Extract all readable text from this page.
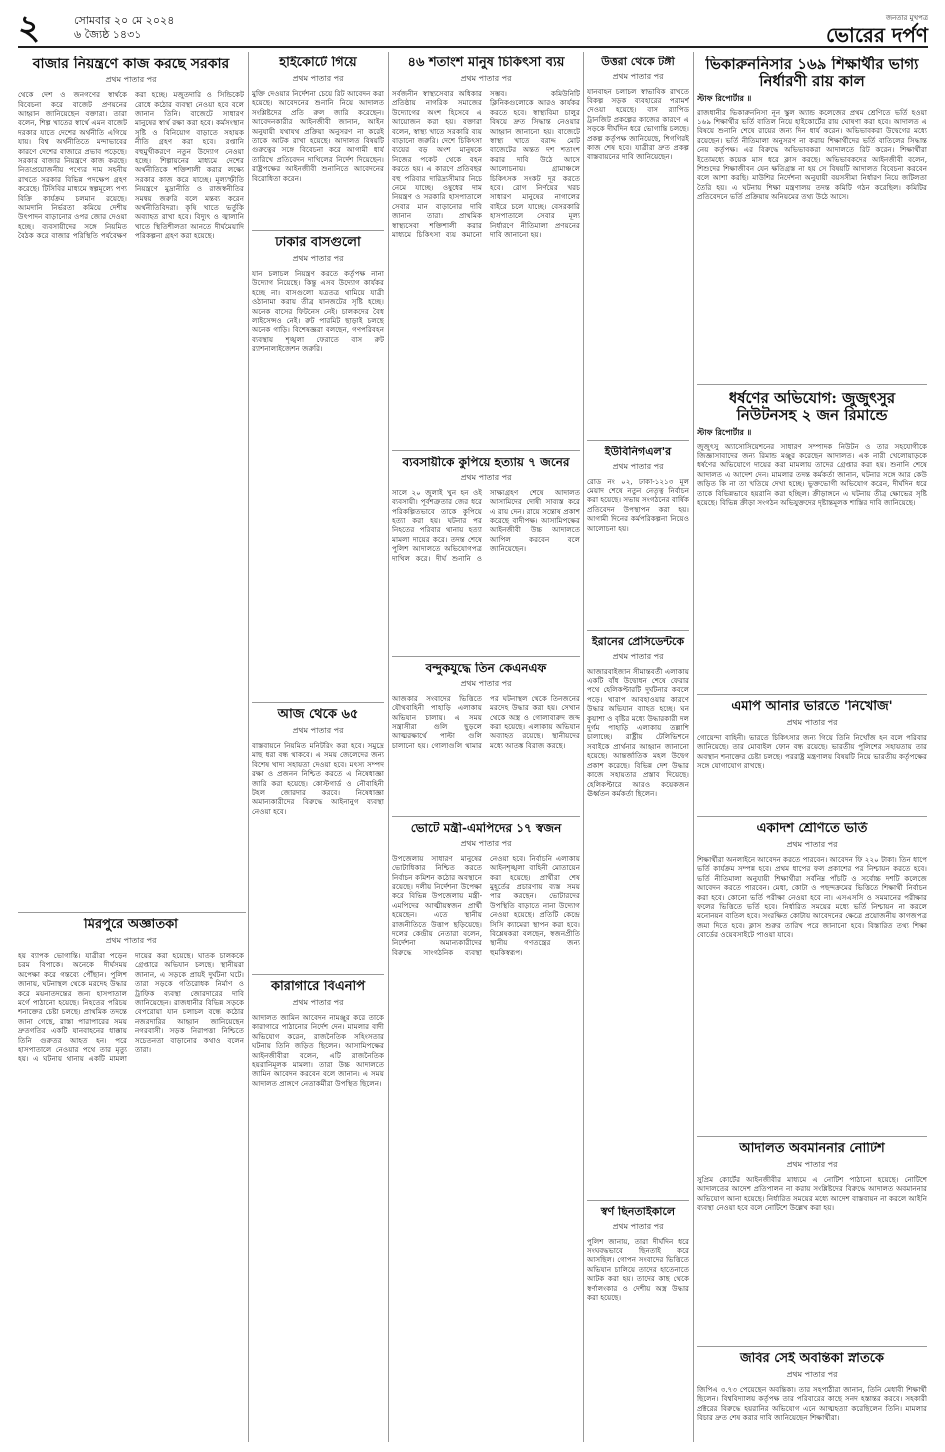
২	সোমবার ২০ মে ২০২৪
৬ জ্যৈষ্ঠ ১৪৩১
জনতার মুখপত্র
ভোরের দর্পণ
বাজার নিয়ন্ত্রণে কাজ করছে সরকার
প্রথম পাতার পর
থেকে দেশ ও জনগণের স্বার্থকে বিবেচনা করে বাজেট প্রণয়নের আহ্বান জানিয়েছেন বক্তারা। তারা বলেন, শিল্প খাতের স্বার্থে এমন বাজেট দরকার যাতে দেশের অর্থনীতি এগিয়ে যায়। বিশ্ব অর্থনীতিতে মন্দাভাবের কারণে দেশের বাজারে প্রভাব পড়েছে। সরকার বাজার নিয়ন্ত্রণে কাজ করছে। নিত্যপ্রয়োজনীয় পণ্যের দাম সহনীয় রাখতে সরকার বিভিন্ন পদক্ষেপ গ্রহণ করেছে। টিসিবির মাধ্যমে স্বল্পমূল্যে পণ্য বিক্রি কার্যক্রম চলমান রয়েছে। আমদানি নির্ভরতা কমিয়ে দেশীয় উৎপাদন বাড়ানোর ওপর জোর দেওয়া হচ্ছে। ব্যবসায়ীদের সঙ্গে নিয়মিত বৈঠক করে বাজার পরিস্থিতি পর্যবেক্ষণ করা হচ্ছে। মজুতদারি ও সিন্ডিকেট রোধে কঠোর ব্যবস্থা নেওয়া হবে বলে জানান তিনি। বাজেটে সাধারণ মানুষের স্বার্থ রক্ষা করা হবে। কর্মসংস্থান সৃষ্টি ও বিনিয়োগ বাড়াতে সহায়ক নীতি গ্রহণ করা হবে। রপ্তানি বহুমুখীকরণে নতুন উদ্যোগ নেওয়া হচ্ছে। শিল্পায়নের মাধ্যমে দেশের অর্থনীতিকে শক্তিশালী করার লক্ষ্যে সরকার কাজ করে যাচ্ছে। মূল্যস্ফীতি নিয়ন্ত্রণে মুদ্রানীতি ও রাজস্বনীতির সমন্বয় জরুরি বলে মন্তব্য করেন অর্থনীতিবিদরা। কৃষি খাতে ভর্তুকি অব্যাহত রাখা হবে। বিদ্যুৎ ও জ্বালানি খাতে স্থিতিশীলতা আনতে দীর্ঘমেয়াদি পরিকল্পনা গ্রহণ করা হয়েছে।
মিরপুরে অজ্ঞাতকা
প্রথম পাতার পর
হয় ব্যাপক ভোগান্তি। যাত্রীরা পড়েন চরম বিপাকে। অনেকে দীর্ঘসময় অপেক্ষা করে গন্তব্যে পৌঁছান। পুলিশ জানায়, ঘটনাস্থল থেকে মরদেহ উদ্ধার করে ময়নাতদন্তের জন্য হাসপাতাল মর্গে পাঠানো হয়েছে। নিহতের পরিচয় শনাক্তের চেষ্টা চলছে। প্রাথমিক তদন্তে জানা গেছে, রাস্তা পারাপারের সময় দ্রুতগতির একটি যানবাহনের ধাক্কায় তিনি গুরুতর আহত হন। পরে হাসপাতালে নেওয়ার পথে তার মৃত্যু হয়। এ ঘটনায় থানায় একটি মামলা দায়ের করা হয়েছে। ঘাতক চালককে গ্রেপ্তারে অভিযান চলছে। স্থানীয়রা জানান, এ সড়কে প্রায়ই দুর্ঘটনা ঘটে। তারা সড়কে গতিরোধক নির্মাণ ও ট্রাফিক ব্যবস্থা জোরদারের দাবি জানিয়েছেন। রাজধানীর বিভিন্ন সড়কে বেপরোয়া যান চলাচল বন্ধে কঠোর নজরদারির আহ্বান জানিয়েছেন নগরবাসী। সড়ক নিরাপত্তা নিশ্চিতে সচেতনতা বাড়ানোর কথাও বলেন তারা।
হাইকোর্টে গিয়ে
প্রথম পাতার পর
মুক্তি দেওয়ার নির্দেশনা চেয়ে রিট আবেদন করা হয়েছে। আবেদনের শুনানি নিয়ে আদালত সংশ্লিষ্টদের প্রতি রুল জারি করেছেন। আবেদনকারীর আইনজীবী জানান, আইন অনুযায়ী যথাযথ প্রক্রিয়া অনুসরণ না করেই তাকে আটক রাখা হয়েছে। আদালত বিষয়টি গুরুত্বের সঙ্গে বিবেচনা করে আগামী ধার্য তারিখে প্রতিবেদন দাখিলের নির্দেশ দিয়েছেন। রাষ্ট্রপক্ষের আইনজীবী শুনানিতে আবেদনের বিরোধিতা করেন।
ঢাকার বাসগুলো
প্রথম পাতার পর
যান চলাচল নিয়ন্ত্রণ করতে কর্তৃপক্ষ নানা উদ্যোগ নিয়েছে। কিন্তু এসব উদ্যোগ কার্যকর হচ্ছে না। বাসগুলো যত্রতত্র থামিয়ে যাত্রী ওঠানামা করায় তীব্র যানজটের সৃষ্টি হচ্ছে। অনেক বাসের ফিটনেস নেই। চালকদের বৈধ লাইসেন্সও নেই। রুট পারমিট ছাড়াই চলছে অনেক গাড়ি। বিশেষজ্ঞরা বলছেন, গণপরিবহন ব্যবস্থায় শৃঙ্খলা ফেরাতে বাস রুট র‌্যাশনালাইজেশন জরুরি।
আজ থেকে ৬৫
প্রথম পাতার পর
বাস্তবায়নে নিয়মিত মনিটরিং করা হবে। সমুদ্রে মাছ ধরা বন্ধ থাকবে। এ সময় জেলেদের জন্য বিশেষ খাদ্য সহায়তা দেওয়া হবে। মৎস্য সম্পদ রক্ষা ও প্রজনন নিশ্চিত করতে এ নিষেধাজ্ঞা জারি করা হয়েছে। কোস্টগার্ড ও নৌবাহিনী টহল জোরদার করবে। নিষেধাজ্ঞা অমান্যকারীদের বিরুদ্ধে আইনানুগ ব্যবস্থা নেওয়া হবে।
কারাগারে বিএনপি
প্রথম পাতার পর
আদালত জামিন আবেদন নামঞ্জুর করে তাকে কারাগারে পাঠানোর নির্দেশ দেন। মামলার বাদী অভিযোগ করেন, রাজনৈতিক সহিংসতার ঘটনায় তিনি জড়িত ছিলেন। আসামিপক্ষের আইনজীবীরা বলেন, এটি রাজনৈতিক হয়রানিমূলক মামলা। তারা উচ্চ আদালতে জামিন আবেদন করবেন বলে জানান। এ সময় আদালত প্রাঙ্গণে নেতাকর্মীরা উপস্থিত ছিলেন।
৪৬ শতাংশ মানুষ চিকিৎসা ব্যয়
প্রথম পাতার পর
সর্বজনীন স্বাস্থ্যসেবার অধিকার প্রতিষ্ঠায় নাগরিক সমাজের উদ্যোগের অংশ হিসেবে এ আয়োজন করা হয়। বক্তারা বলেন, স্বাস্থ্য খাতে সরকারি ব্যয় বাড়ানো জরুরি। দেশে চিকিৎসা ব্যয়ের বড় অংশ মানুষকে নিজের পকেট থেকে বহন করতে হয়। এ কারণে প্রতিবছর বহু পরিবার দারিদ্র্যসীমার নিচে নেমে যাচ্ছে। ওষুধের দাম নিয়ন্ত্রণ ও সরকারি হাসপাতালে সেবার মান বাড়ানোর দাবি জানান তারা। প্রাথমিক স্বাস্থ্যসেবা শক্তিশালী করার মাধ্যমে চিকিৎসা ব্যয় কমানো সম্ভব। কমিউনিটি ক্লিনিকগুলোকে আরও কার্যকর করতে হবে। স্বাস্থ্যবিমা চালুর বিষয়ে দ্রুত সিদ্ধান্ত নেওয়ার আহ্বান জানানো হয়। বাজেটে স্বাস্থ্য খাতে বরাদ্দ মোট বাজেটের অন্তত দশ শতাংশ করার দাবি উঠে আসে আলোচনায়। গ্রামাঞ্চলে চিকিৎসক সংকট দূর করতে হবে। রোগ নির্ণয়ের খরচ সাধারণ মানুষের নাগালের বাইরে চলে যাচ্ছে। বেসরকারি হাসপাতালে সেবার মূল্য নির্ধারণে নীতিমালা প্রণয়নের দাবি জানানো হয়।
ব্যবসায়ীকে কুপিয়ে হত্যায় ৭ জনের
প্রথম পাতার পর
সালে ২০ জুলাই খুন হন ওই ব্যবসায়ী। পূর্বশত্রুতার জের ধরে পরিকল্পিতভাবে তাকে কুপিয়ে হত্যা করা হয়। ঘটনার পর নিহতের পরিবার থানায় হত্যা মামলা দায়ের করে। তদন্ত শেষে পুলিশ আদালতে অভিযোগপত্র দাখিল করে। দীর্ঘ শুনানি ও সাক্ষ্যগ্রহণ শেষে আদালত আসামিদের দোষী সাব্যস্ত করে এ রায় দেন। রায়ে সন্তোষ প্রকাশ করেছে বাদীপক্ষ। আসামিপক্ষের আইনজীবী উচ্চ আদালতে আপিল করবেন বলে জানিয়েছেন।
বন্দুকযুদ্ধে তিন কেএনএফ
প্রথম পাতার পর
আজকার সংবাদের ভিত্তিতে যৌথবাহিনী পাহাড়ি এলাকায় অভিযান চালায়। এ সময় সন্ত্রাসীরা গুলি ছুড়লে আত্মরক্ষার্থে পাল্টা গুলি চালানো হয়। গোলাগুলি থামার পর ঘটনাস্থল থেকে তিনজনের মরদেহ উদ্ধার করা হয়। সেখান থেকে অস্ত্র ও গোলাবারুদ জব্দ করা হয়েছে। এলাকায় অভিযান অব্যাহত রয়েছে। স্থানীয়দের মধ্যে আতঙ্ক বিরাজ করছে।
ভোটে মন্ত্রী-এমপিদের ১৭ স্বজন
প্রথম পাতার পর
উপজেলায় সাধারণ মানুষের ভোটাধিকার নিশ্চিত করতে নির্বাচন কমিশন কঠোর অবস্থানে রয়েছে। দলীয় নির্দেশনা উপেক্ষা করে বিভিন্ন উপজেলায় মন্ত্রী-এমপিদের আত্মীয়স্বজন প্রার্থী হয়েছেন। এতে স্থানীয় রাজনীতিতে উত্তাপ ছড়িয়েছে। দলের কেন্দ্রীয় নেতারা বলেন, নির্দেশনা অমান্যকারীদের বিরুদ্ধে সাংগঠনিক ব্যবস্থা নেওয়া হবে। নির্বাচনি এলাকায় আইনশৃঙ্খলা বাহিনী মোতায়েন করা হয়েছে। প্রার্থীরা শেষ মুহূর্তের প্রচারণায় ব্যস্ত সময় পার করছেন। ভোটারদের উপস্থিতি বাড়াতে নানা উদ্যোগ নেওয়া হয়েছে। প্রতিটি কেন্দ্রে সিসি ক্যামেরা স্থাপন করা হবে। বিশ্লেষকরা বলছেন, স্বজনপ্রীতি স্থানীয় গণতন্ত্রের জন্য হুমকিস্বরূপ।
উত্তরা থেকে টঙ্গী
প্রথম পাতার পর
যানবাহন চলাচল স্বাভাবিক রাখতে বিকল্প সড়ক ব্যবহারের পরামর্শ দেওয়া হয়েছে। বাস র‌্যাপিড ট্রানজিট প্রকল্পের কাজের কারণে এ সড়কে দীর্ঘদিন ধরে ভোগান্তি চলছে। প্রকল্প কর্তৃপক্ষ জানিয়েছে, শিগগিরই কাজ শেষ হবে। যাত্রীরা দ্রুত প্রকল্প বাস্তবায়নের দাবি জানিয়েছেন।
ইউবিনিগএল'র
প্রথম পাতার পর
রোড নং ০২, ঢাকা-১২১৩ মূল মেয়াদ শেষে নতুন নেতৃত্ব নির্বাচন করা হয়েছে। সভায় সংগঠনের বার্ষিক প্রতিবেদন উপস্থাপন করা হয়। আগামী দিনের কর্মপরিকল্পনা নিয়েও আলোচনা হয়।
ইরানের প্রেসিডেন্টকে
প্রথম পাতার পর
আজারবাইজান সীমান্তবর্তী এলাকায় একটি বাঁধ উদ্বোধন শেষে ফেরার পথে হেলিকপ্টারটি দুর্ঘটনার কবলে পড়ে। খারাপ আবহাওয়ার কারণে উদ্ধার অভিযান ব্যাহত হচ্ছে। ঘন কুয়াশা ও বৃষ্টির মধ্যে উদ্ধারকারী দল দুর্গম পাহাড়ি এলাকায় তল্লাশি চালাচ্ছে। রাষ্ট্রীয় টেলিভিশনে সবাইকে প্রার্থনার আহ্বান জানানো হয়েছে। আন্তর্জাতিক মহল উদ্বেগ প্রকাশ করেছে। বিভিন্ন দেশ উদ্ধার কাজে সহায়তার প্রস্তাব দিয়েছে। হেলিকপ্টারে আরও কয়েকজন ঊর্ধ্বতন কর্মকর্তা ছিলেন।
স্বর্ণ ছিনতাইকালে
প্রথম পাতার পর
পুলিশ জানায়, তারা দীর্ঘদিন ধরে সংঘবদ্ধভাবে ছিনতাই করে আসছিল। গোপন সংবাদের ভিত্তিতে অভিযান চালিয়ে তাদের হাতেনাতে আটক করা হয়। তাদের কাছ থেকে স্বর্ণালংকার ও দেশীয় অস্ত্র উদ্ধার করা হয়েছে।
ভিকারুননিসার ১৬৯ শিক্ষার্থীর ভাগ্য নির্ধারণী রায় কাল
স্টাফ রিপোর্টার ॥
রাজধানীর ভিকারুননিসা নূন স্কুল অ্যান্ড কলেজের প্রথম শ্রেণিতে ভর্তি হওয়া ১৬৯ শিক্ষার্থীর ভর্তি বাতিল নিয়ে হাইকোর্টের রায় ঘোষণা করা হবে। আদালত এ বিষয়ে শুনানি শেষে রায়ের জন্য দিন ধার্য করেন। অভিভাবকরা উদ্বেগের মধ্যে রয়েছেন। ভর্তি নীতিমালা অনুসরণ না করায় শিক্ষার্থীদের ভর্তি বাতিলের সিদ্ধান্ত নেয় কর্তৃপক্ষ। এর বিরুদ্ধে অভিভাবকরা আদালতে রিট করেন। শিক্ষার্থীরা ইতোমধ্যে কয়েক মাস ধরে ক্লাস করছে। অভিভাবকদের আইনজীবী বলেন, শিশুদের শিক্ষাজীবন যেন ক্ষতিগ্রস্ত না হয় সে বিষয়টি আদালত বিবেচনা করবেন বলে আশা করছি। মাউশির নির্দেশনা অনুযায়ী বয়সসীমা নির্ধারণ নিয়ে জটিলতা তৈরি হয়। এ ঘটনায় শিক্ষা মন্ত্রণালয় তদন্ত কমিটি গঠন করেছিল। কমিটির প্রতিবেদনে ভর্তি প্রক্রিয়ায় অনিয়মের তথ্য উঠে আসে।
ধর্ষণের অভিযোগ: জুজুৎসুর নিউটনসহ ২ জন রিমান্ডে
স্টাফ রিপোর্টার ॥
জুজুৎসু অ্যাসোসিয়েশনের সাধারণ সম্পাদক নিউটন ও তার সহযোগীকে জিজ্ঞাসাবাদের জন্য রিমান্ড মঞ্জুর করেছেন আদালত। এক নারী খেলোয়াড়কে ধর্ষণের অভিযোগে দায়ের করা মামলায় তাদের গ্রেপ্তার করা হয়। শুনানি শেষে আদালত এ আদেশ দেন। মামলার তদন্ত কর্মকর্তা জানান, ঘটনার সঙ্গে আর কেউ জড়িত কি না তা খতিয়ে দেখা হচ্ছে। ভুক্তভোগী অভিযোগ করেন, দীর্ঘদিন ধরে তাকে বিভিন্নভাবে হয়রানি করা হচ্ছিল। ক্রীড়াঙ্গনে এ ঘটনায় তীব্র ক্ষোভের সৃষ্টি হয়েছে। বিভিন্ন ক্রীড়া সংগঠন অভিযুক্তদের দৃষ্টান্তমূলক শাস্তির দাবি জানিয়েছে।
এমপি আনার ভারতে 'নিখোঁজ'
প্রথম পাতার পর
গোয়েন্দা বাহিনী। ভারতে চিকিৎসার জন্য গিয়ে তিনি নিখোঁজ হন বলে পরিবার জানিয়েছে। তার মোবাইল ফোন বন্ধ রয়েছে। ভারতীয় পুলিশের সহায়তায় তার অবস্থান শনাক্তের চেষ্টা চলছে। পররাষ্ট্র মন্ত্রণালয় বিষয়টি নিয়ে ভারতীয় কর্তৃপক্ষের সঙ্গে যোগাযোগ রাখছে।
একাদশ শ্রেণিতে ভর্তি
প্রথম পাতার পর
শিক্ষার্থীরা অনলাইনে আবেদন করতে পারবেন। আবেদন ফি ২২০ টাকা। তিন ধাপে ভর্তি কার্যক্রম সম্পন্ন হবে। প্রথম ধাপের ফল প্রকাশের পর নিশ্চায়ন করতে হবে। ভর্তি নীতিমালা অনুযায়ী শিক্ষার্থীরা সর্বনিম্ন পাঁচটি ও সর্বোচ্চ দশটি কলেজে আবেদন করতে পারবেন। মেধা, কোটা ও পছন্দক্রমের ভিত্তিতে শিক্ষার্থী নির্বাচন করা হবে। কোনো ভর্তি পরীক্ষা নেওয়া হবে না। এসএসসি ও সমমানের পরীক্ষার ফলের ভিত্তিতে ভর্তি হবে। নির্ধারিত সময়ের মধ্যে ভর্তি নিশ্চায়ন না করলে মনোনয়ন বাতিল হবে। সংরক্ষিত কোটায় আবেদনের ক্ষেত্রে প্রয়োজনীয় কাগজপত্র জমা দিতে হবে। ক্লাস শুরুর তারিখ পরে জানানো হবে। বিস্তারিত তথ্য শিক্ষা বোর্ডের ওয়েবসাইটে পাওয়া যাবে।
আদালত অবমাননার নোটিশ
প্রথম পাতার পর
সুপ্রিম কোর্টের আইনজীবীর মাধ্যমে এ নোটিশ পাঠানো হয়েছে। নোটিশে আদালতের আদেশ প্রতিপালন না করায় সংশ্লিষ্টদের বিরুদ্ধে আদালত অবমাননার অভিযোগ আনা হয়েছে। নির্ধারিত সময়ের মধ্যে আদেশ বাস্তবায়ন না করলে আইনি ব্যবস্থা নেওয়া হবে বলে নোটিশে উল্লেখ করা হয়।
জবির সেই অবন্তিকা স্নাতকে
প্রথম পাতার পর
জিপিএ ৩.৭৩ পেয়েছেন অবন্তিকা। তার সহপাঠীরা জানান, তিনি মেধাবী শিক্ষার্থী ছিলেন। বিশ্ববিদ্যালয় কর্তৃপক্ষ তার পরিবারের কাছে সনদ হস্তান্তর করবে। সহকারী প্রক্টরের বিরুদ্ধে হয়রানির অভিযোগ এনে আত্মহত্যা করেছিলেন তিনি। মামলার বিচার দ্রুত শেষ করার দাবি জানিয়েছেন শিক্ষার্থীরা।
